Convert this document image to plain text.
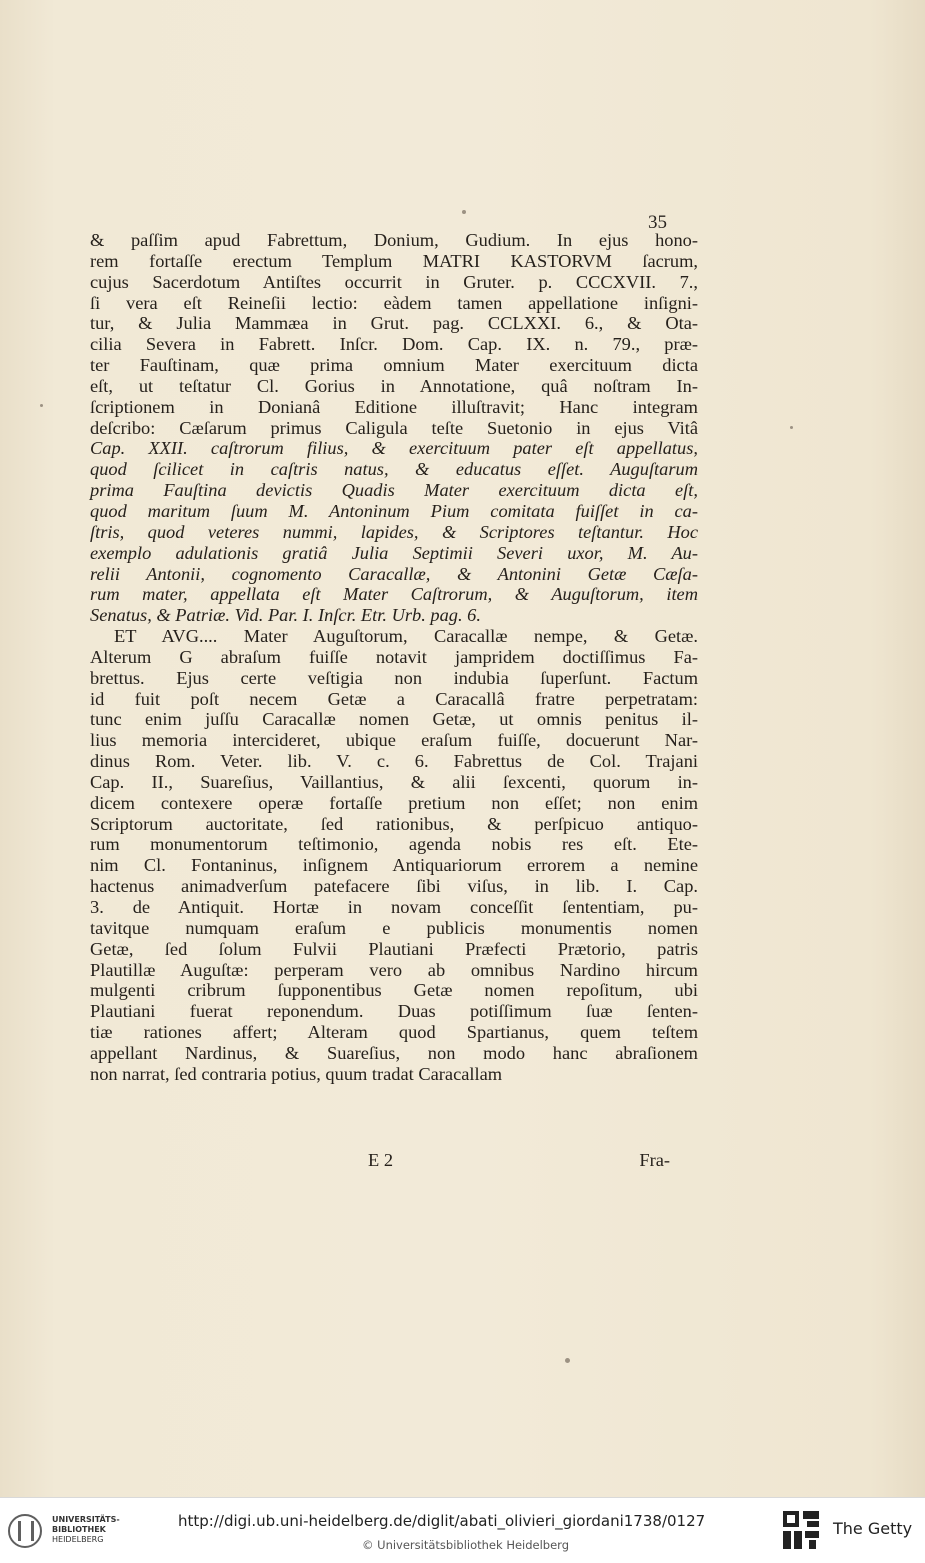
35
& paſſim apud Fabrettum, Donium, Gudium. In ejus hono-
rem fortaſſe erectum Templum MATRI KASTORVM ſacrum,
cujus Sacerdotum Antiſtes occurrit in Gruter. p. CCCXVII. 7.,
ſi vera eſt Reineſii lectio: eàdem tamen appellatione inſigni-
tur, & Julia Mammæa in Grut. pag. CCLXXI. 6., & Ota-
cilia Severa in Fabrett. Inſcr. Dom. Cap. IX. n. 79., præ-
ter Fauſtinam, quæ prima omnium Mater exercituum dicta
eſt, ut teſtatur Cl. Gorius in Annotatione, quâ noſtram In-
ſcriptionem in Donianâ Editione illuſtravit; Hanc integram
deſcribo: Cæſarum primus Caligula teſte Suetonio in ejus Vitâ
Cap. XXII. caſtrorum filius, & exercituum pater eſt appellatus,
quod ſcilicet in caſtris natus, & educatus eſſet. Auguſtarum
prima Fauſtina devictis Quadis Mater exercituum dicta eſt,
quod maritum ſuum M. Antoninum Pium comitata fuiſſet in ca-
ſtris, quod veteres nummi, lapides, & Scriptores teſtantur. Hoc
exemplo adulationis gratiâ Julia Septimii Severi uxor, M. Au-
relii Antonii, cognomento Caracallæ, & Antonini Getæ Cæſa-
rum mater, appellata eſt Mater Caſtrorum, & Auguſtorum, item
Senatus, & Patriæ. Vid. Par. I. Inſcr. Etr. Urb. pag. 6.
ET AVG.... Mater Auguſtorum, Caracallæ nempe, & Getæ.
Alterum G abraſum fuiſſe notavit jampridem doctiſſimus Fa-
brettus. Ejus certe veſtigia non indubia ſuperſunt. Factum
id fuit poſt necem Getæ a Caracallâ fratre perpetratam:
tunc enim juſſu Caracallæ nomen Getæ, ut omnis penitus il-
lius memoria intercideret, ubique eraſum fuiſſe, docuerunt Nar-
dinus Rom. Veter. lib. V. c. 6. Fabrettus de Col. Trajani
Cap. II., Suareſius, Vaillantius, & alii ſexcenti, quorum in-
dicem contexere operæ fortaſſe pretium non eſſet; non enim
Scriptorum auctoritate, ſed rationibus, & perſpicuo antiquo-
rum monumentorum teſtimonio, agenda nobis res eſt. Ete-
nim Cl. Fontaninus, inſignem Antiquariorum errorem a nemine
hactenus animadverſum patefacere ſibi viſus, in lib. I. Cap.
3. de Antiquit. Hortæ in novam conceſſit ſententiam, pu-
tavitque numquam eraſum e publicis monumentis nomen
Getæ, ſed ſolum Fulvii Plautiani Præfecti Prætorio, patris
Plautillæ Auguſtæ: perperam vero ab omnibus Nardino hircum
mulgenti cribrum ſupponentibus Getæ nomen repoſitum, ubi
Plautiani fuerat reponendum. Duas potiſſimum ſuæ ſenten-
tiæ rationes affert; Alteram quod Spartianus, quem teſtem
appellant Nardinus, & Suareſius, non modo hanc abraſionem
non narrat, ſed contraria potius, quum tradat Caracallam
E 2	Fra-
UNIVERSITÄTS-
BIBLIOTHEK
HEIDELBERG
http://digi.ub.uni-heidelberg.de/diglit/abati_olivieri_giordani1738/0127
© Universitätsbibliothek Heidelberg
The Getty
